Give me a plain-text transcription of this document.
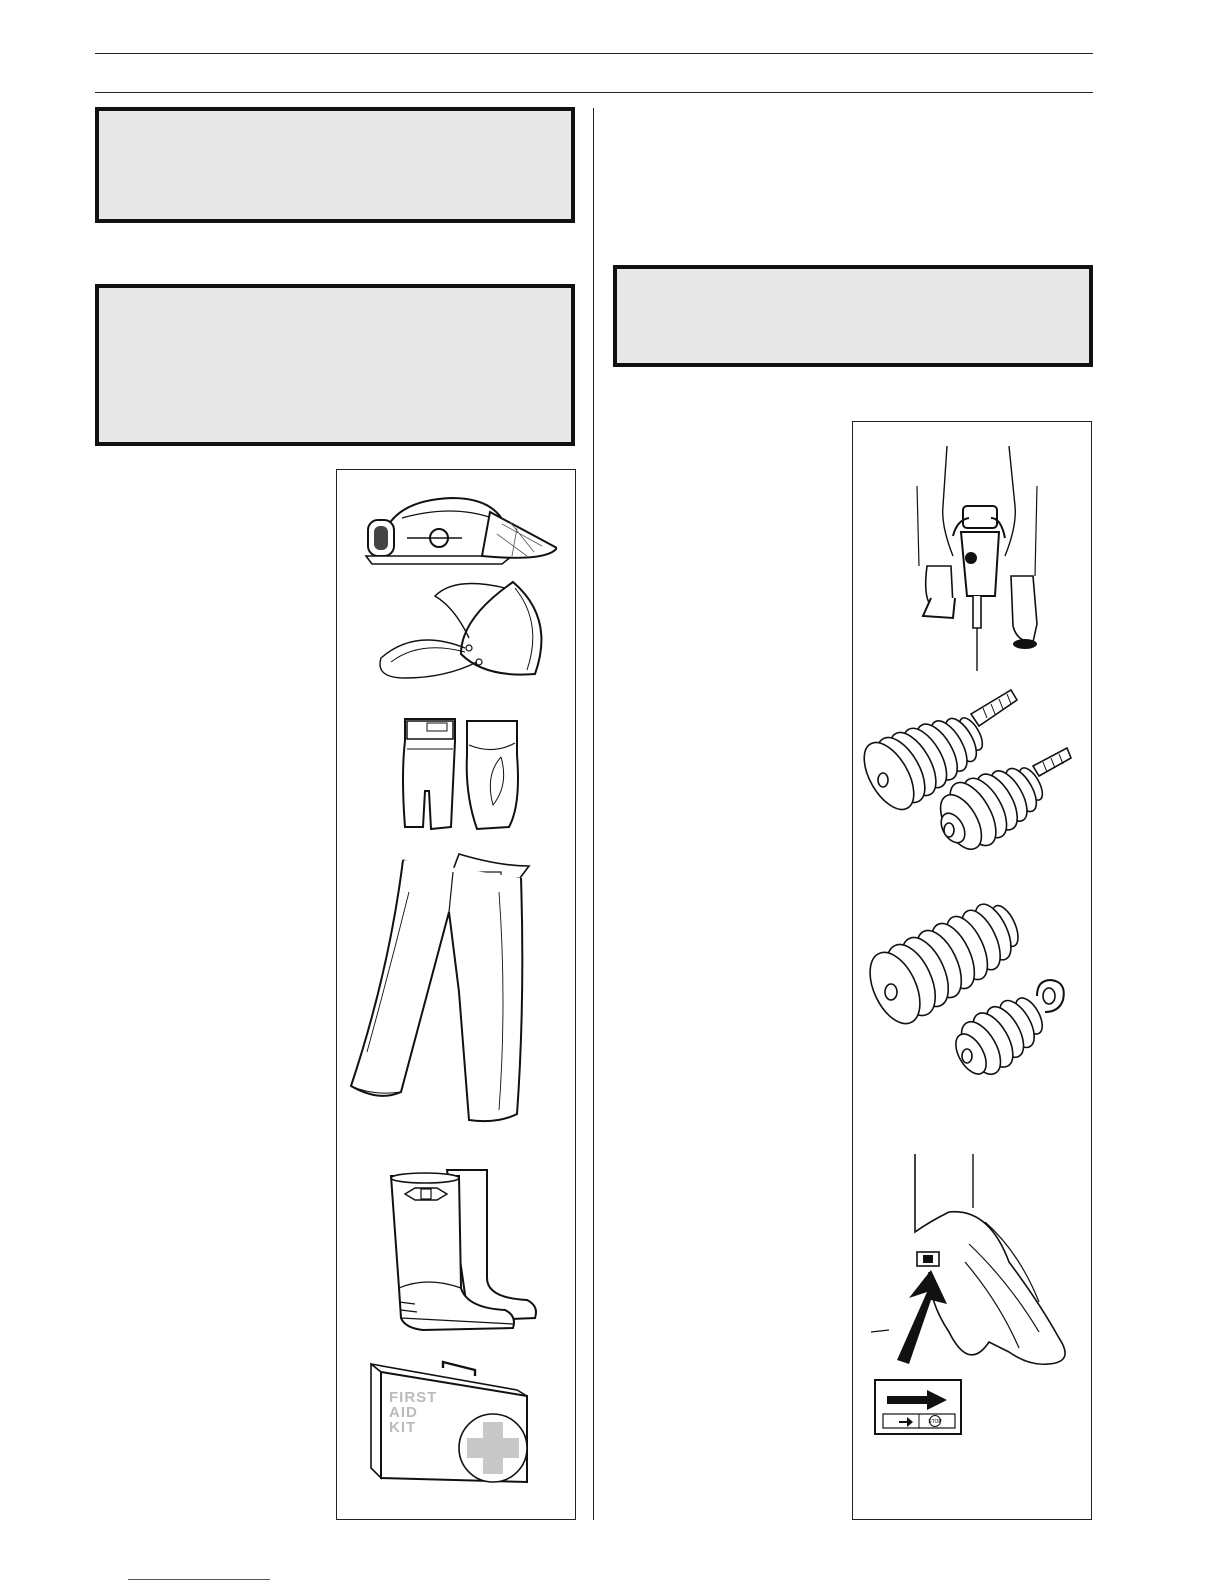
FIRST
AID
KIT	STOP
